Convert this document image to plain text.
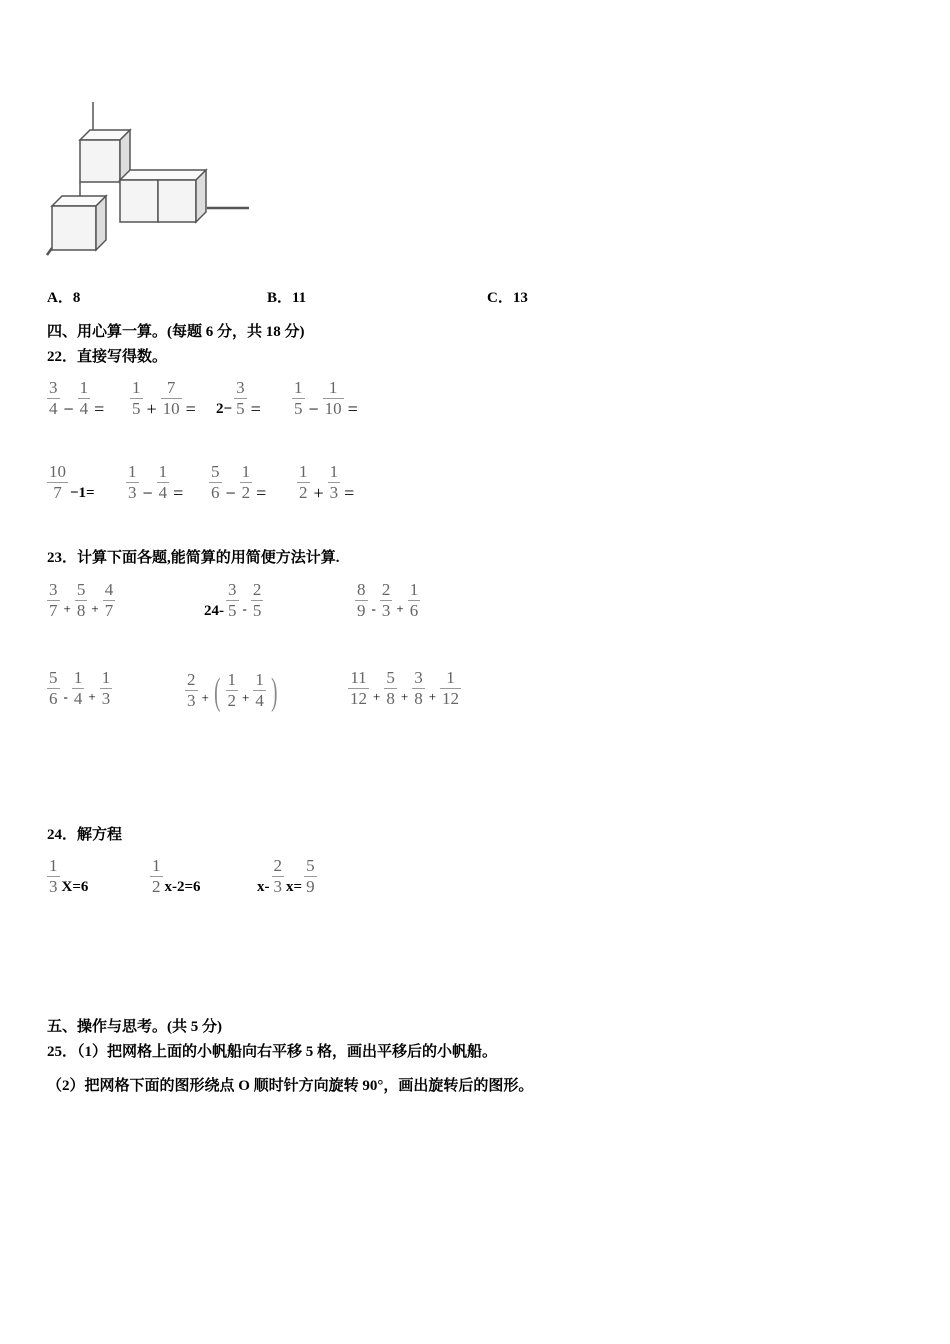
A．8	B．11	C．13
四、用心算一算。(每题 6 分，共 18 分)
22．直接写得数。
$\frac{3}{4} - \frac{1}{4} = \frac{1}{5} + \frac{7}{10} = 2- \frac{3}{5} = \frac{1}{5} - \frac{1}{10}$ =
$\frac{10}{7} -1= \frac{1}{3} - \frac{1}{4} = \frac{5}{6} - \frac{1}{2} = \frac{1}{2} + \frac{1}{3}$ =
23．计算下面各题,能简算的用简便方法计算.
$\frac{3}{7} + \frac{5}{8} + \frac{4}{7}$	$24- \frac{3}{5} - \frac{2}{5}$	$\frac{8}{9} - \frac{2}{3} + \frac{1}{6}$
$\frac{5}{6} - \frac{1}{4} + \frac{1}{3}$	$\frac{2}{3}$ + ( $\frac{1}{2} + \frac{1}{4}$ )	$\frac{11}{12} + \frac{5}{8} + \frac{3}{8} + \frac{1}{12}$
24．解方程
$\frac{1}{3} X=6$	$\frac{1}{2} x-2=6$	$x- \frac{2}{3} x= \frac{5}{9}$
五、操作与思考。(共 5 分)
25．（1）把网格上面的小帆船向右平移 5 格，画出平移后的小帆船。
（2）把网格下面的图形绕点 O 顺时针方向旋转 90°，画出旋转后的图形。
